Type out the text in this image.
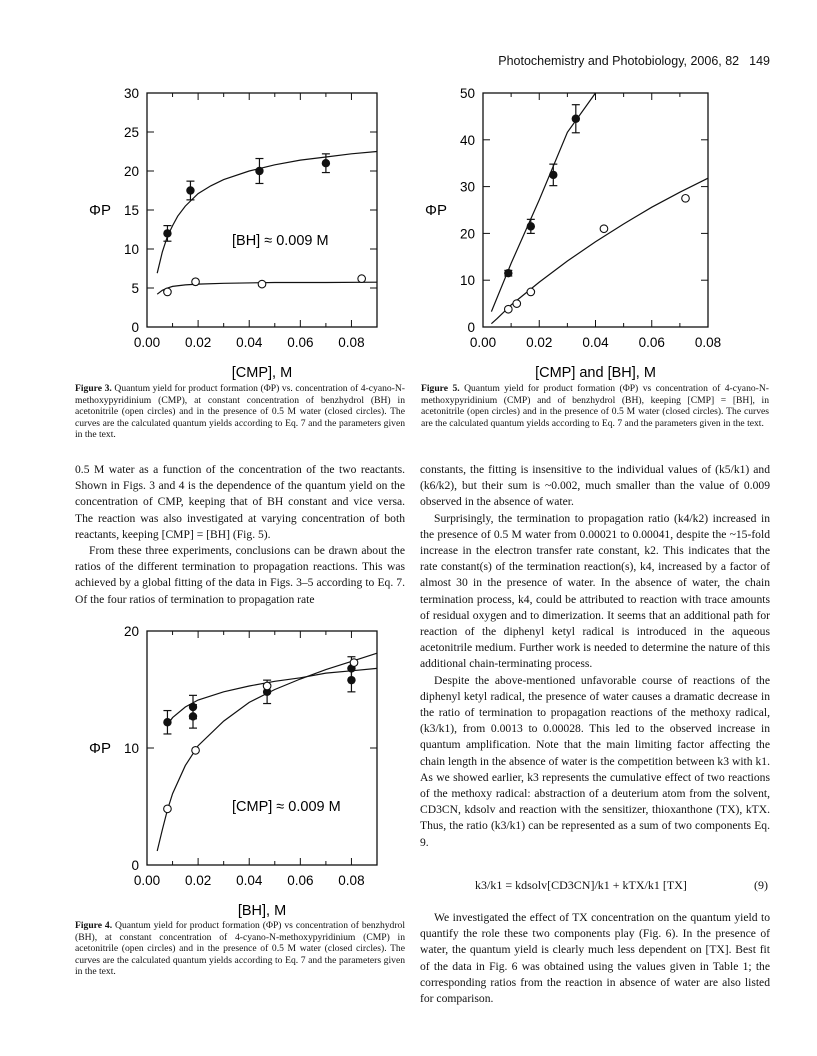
Photochemistry and Photobiology, 2006, 82 149
0.00 0.02 0.04 0.06 0.08
0
5
10
15
20
25
30
[CMP], M
ΦP
[BH] ≈ 0.009 M
Figure 3. Quantum yield for product formation (ΦP) vs. concentration of 4-cyano-N-methoxypyridinium (CMP), at constant concentration of benzhydrol (BH) in acetonitrile (open circles) and in the presence of 0.5 M water (closed circles). The curves are the calculated quantum yields according to Eq. 7 and the parameters given in the text.
0.00 0.02 0.04 0.06 0.08
0
10
20
30
40
50
[CMP] and [BH], M
ΦP
Figure 5. Quantum yield for product formation (ΦP) vs concentration of 4-cyano-N-methoxypyridinium (CMP) and of benzhydrol (BH), keeping [CMP] = [BH], in acetonitrile (open circles) and in the presence of 0.5 M water (closed circles). The curves are the calculated quantum yields according to Eq. 7 and the parameters given in the text.

0.5 M water as a function of the concentration of the two reactants. Shown in Figs. 3 and 4 is the dependence of the quantum yield on the concentration of CMP, keeping that of BH constant and vice versa. The reaction was also investigated at varying concentration of both reactants, keeping [CMP] = [BH] (Fig. 5).

From these three experiments, conclusions can be drawn about the ratios of the different termination to propagation reactions. This was achieved by a global fitting of the data in Figs. 3–5 according to Eq. 7. Of the four ratios of termination to propagation rate

0.00 0.02 0.04 0.06 0.08
0
10
20
[BH], M
ΦP
[CMP] ≈ 0.009 M
Figure 4. Quantum yield for product formation (ΦP) vs concentration of benzhydrol (BH), at constant concentration of 4-cyano-N-methoxypyridinium (CMP) in acetonitrile (open circles) and in the presence of 0.5 M water (closed circles). The curves are the calculated quantum yields according to Eq. 7 and the parameters given in the text.

constants, the fitting is insensitive to the individual values of (k5/k1) and (k6/k2), but their sum is ~0.002, much smaller than the value of 0.009 observed in the absence of water.

Surprisingly, the termination to propagation ratio (k4/k2) increased in the presence of 0.5 M water from 0.00021 to 0.00041, despite the ~15-fold increase in the electron transfer rate constant, k2. This indicates that the rate constant(s) of the termination reaction(s), k4, increased by a factor of almost 30 in the presence of water. In the absence of water, the chain termination process, k4, could be attributed to reaction with trace amounts of residual oxygen and to dimerization. It seems that an additional path for reaction of the diphenyl ketyl radical is introduced in the aqueous acetonitrile medium. Further work is needed to determine the nature of this additional chain-terminating process.

Despite the above-mentioned unfavorable course of reactions of the diphenyl ketyl radical, the presence of water causes a dramatic decrease in the ratio of termination to propagation reactions of the methoxy radical, (k3/k1), from 0.0013 to 0.00028. This led to the observed increase in quantum amplification. Note that the main limiting factor affecting the chain length in the absence of water is the competition between k3 with k1. As we showed earlier, k3 represents the cumulative effect of two reactions of the methoxy radical: abstraction of a deuterium atom from the solvent, CD3CN, kdsolv and reaction with the sensitizer, thioxanthone (TX), kTX. Thus, the ratio (k3/k1) can be represented as a sum of two components Eq. 9.

k3/k1 = kdsolv[CD3CN]/k1 + kTX/k1 [TX]	(9)

We investigated the effect of TX concentration on the quantum yield to quantify the role these two components play (Fig. 6). In the presence of water, the quantum yield is clearly much less dependent on [TX]. Best fit of the data in Fig. 6 was obtained using the values given in Table 1; the corresponding ratios from the reaction in absence of water are also listed for comparison.
